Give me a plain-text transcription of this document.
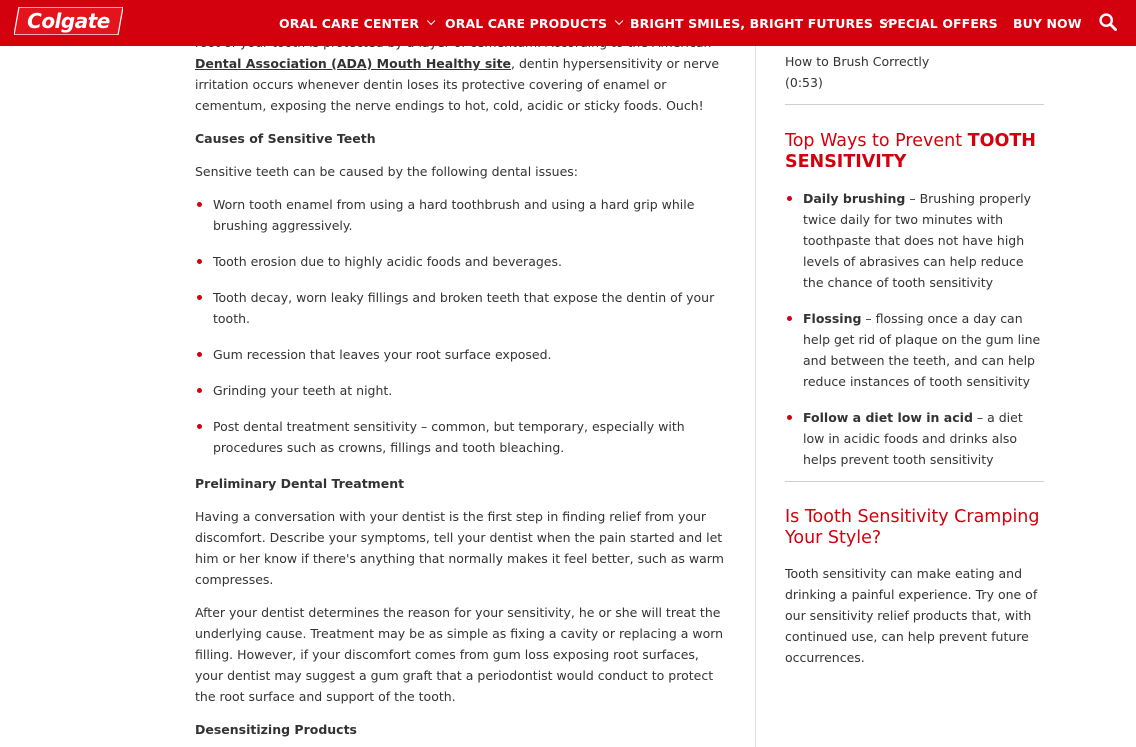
Dental Association (ADA) Mouth Healthy site, dentin hypersensitivity or nerve irritation occurs whenever dentin loses its protective covering of enamel or cementum, exposing the nerve endings to hot, cold, acidic or sticky foods. Ouch!

Causes of Sensitive Teeth

Sensitive teeth can be caused by the following dental issues:

Worn tooth enamel from using a hard toothbrush and using a hard grip while brushing aggressively.
Tooth erosion due to highly acidic foods and beverages.
Tooth decay, worn leaky fillings and broken teeth that expose the dentin of your tooth.
Gum recession that leaves your root surface exposed.
Grinding your teeth at night.
Post dental treatment sensitivity – common, but temporary, especially with procedures such as crowns, fillings and tooth bleaching.
Preliminary Dental Treatment

Having a conversation with your dentist is the first step in finding relief from your discomfort. Describe your symptoms, tell your dentist when the pain started and let him or her know if there's anything that normally makes it feel better, such as warm compresses.

After your dentist determines the reason for your sensitivity, he or she will treat the underlying cause. Treatment may be as simple as fixing a cavity or replacing a worn filling. However, if your discomfort comes from gum loss exposing root surfaces, your dentist may suggest a gum graft that a periodontist would conduct to protect the root surface and support of the tooth.

Desensitizing Products
How to Brush Correctly
(0:53)
Top Ways to Prevent TOOTH SENSITIVITY
Daily brushing – Brushing properly twice daily for two minutes with toothpaste that does not have high levels of abrasives can help reduce the chance of tooth sensitivity
Flossing – flossing once a day can help get rid of plaque on the gum line and between the teeth, and can help reduce instances of tooth sensitivity
Follow a diet low in acid – a diet low in acidic foods and drinks also helps prevent tooth sensitivity
Is Tooth Sensitivity Cramping Your Style?

Tooth sensitivity can make eating and drinking a painful experience. Try one of our sensitivity relief products that, with continued use, can help prevent future occurrences.

Colgate	ORAL CARE CENTER ORAL CARE PRODUCTS BRIGHT SMILES, BRIGHT FUTURES SPECIAL OFFERS BUY NOW
